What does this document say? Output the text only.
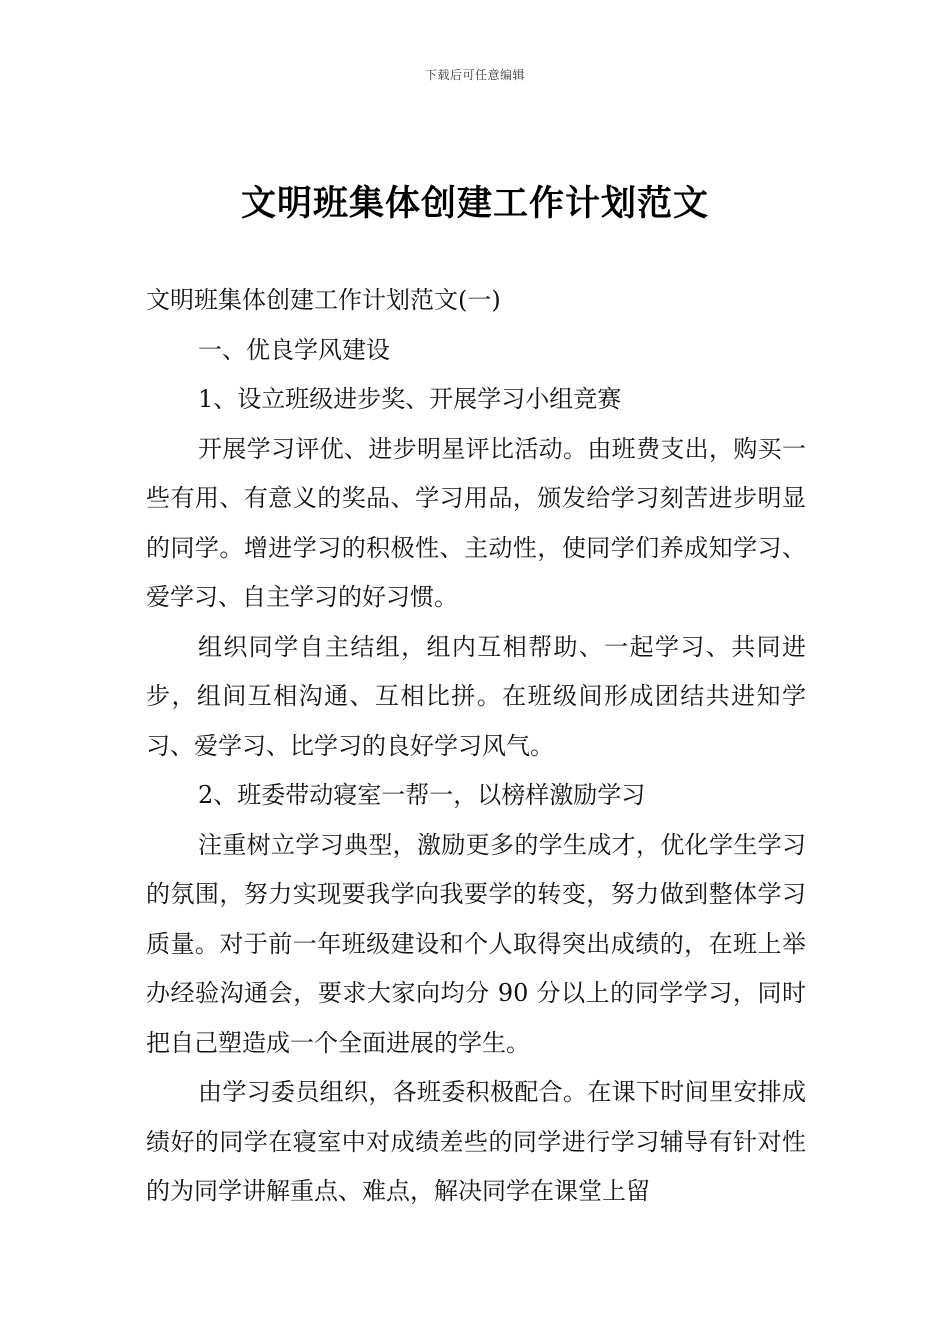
下载后可任意编辑
文明班集体创建工作计划范文

文明班集体创建工作计划范文(一)

一、优良学风建设

1、设立班级进步奖、开展学习小组竞赛

开展学习评优、进步明星评比活动。由班费支出，购买一些有用、有意义的奖品、学习用品，颁发给学习刻苦进步明显的同学。增进学习的积极性、主动性，使同学们养成知学习、爱学习、自主学习的好习惯。

组织同学自主结组，组内互相帮助、一起学习、共同进步，组间互相沟通、互相比拼。在班级间形成团结共进知学习、爱学习、比学习的良好学习风气。

2、班委带动寝室一帮一，以榜样激励学习

注重树立学习典型，激励更多的学生成才，优化学生学习的氛围，努力实现要我学向我要学的转变，努力做到整体学习质量。对于前一年班级建设和个人取得突出成绩的，在班上举办经验沟通会，要求大家向均分 90 分以上的同学学习，同时把自己塑造成一个全面进展的学生。

由学习委员组织，各班委积极配合。在课下时间里安排成绩好的同学在寝室中对成绩差些的同学进行学习辅导有针对性的为同学讲解重点、难点，解决同学在课堂上留
